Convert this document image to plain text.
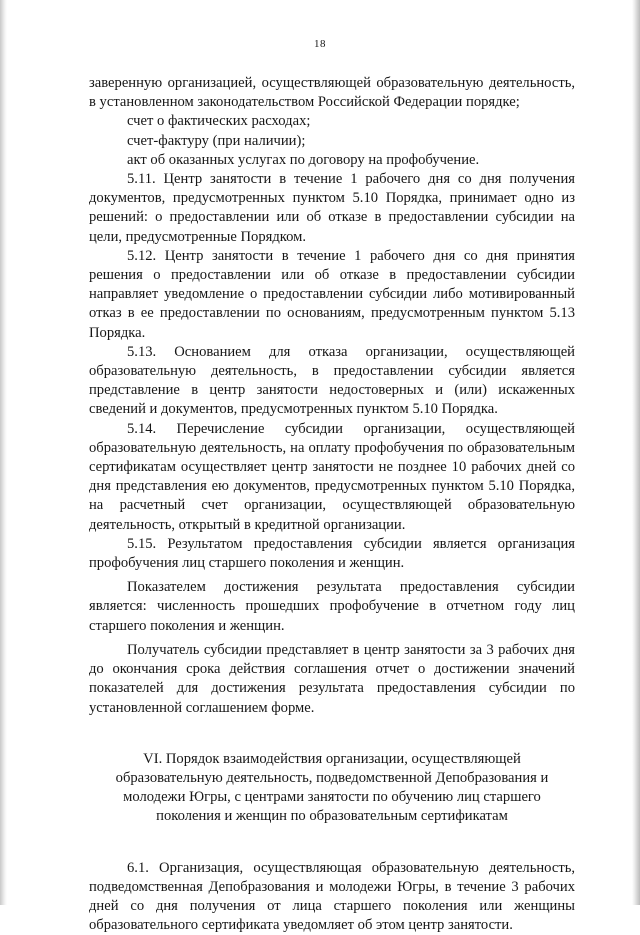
18

заверенную организацией, осуществляющей образовательную деятельность, в установленном законодательством Российской Федерации порядке;

счет о фактических расходах;

счет-фактуру (при наличии);

акт об оказанных услугах по договору на профобучение.

5.11. Центр занятости в течение 1 рабочего дня со дня получения документов, предусмотренных пунктом 5.10 Порядка, принимает одно из решений: о предоставлении или об отказе в предоставлении субсидии на цели, предусмотренные Порядком.

5.12. Центр занятости в течение 1 рабочего дня со дня принятия решения о предоставлении или об отказе в предоставлении субсидии направляет уведомление о предоставлении субсидии либо мотивированный отказ в ее предоставлении по основаниям, предусмотренным пунктом 5.13 Порядка.

5.13. Основанием для отказа организации, осуществляющей образовательную деятельность, в предоставлении субсидии является представление в центр занятости недостоверных и (или) искаженных сведений и документов, предусмотренных пунктом 5.10 Порядка.

5.14. Перечисление субсидии организации, осуществляющей образовательную деятельность, на оплату профобучения по образовательным сертификатам осуществляет центр занятости не позднее 10 рабочих дней со дня представления ею документов, предусмотренных пунктом 5.10 Порядка, на расчетный счет организации, осуществляющей образовательную деятельность, открытый в кредитной организации.

5.15. Результатом предоставления субсидии является организация профобучения лиц старшего поколения и женщин.

Показателем достижения результата предоставления субсидии является: численность прошедших профобучение в отчетном году лиц старшего поколения и женщин.

Получатель субсидии представляет в центр занятости за 3 рабочих дня до окончания срока действия соглашения отчет о достижении значений показателей для достижения результата предоставления субсидии по установленной соглашением форме.

VI. Порядок взаимодействия организации, осуществляющей образовательную деятельность, подведомственной Депобразования и молодежи Югры, с центрами занятости по обучению лиц старшего поколения и женщин по образовательным сертификатам

6.1. Организация, осуществляющая образовательную деятельность, подведомственная Депобразования и молодежи Югры, в течение 3 рабочих дней со дня получения от лица старшего поколения или женщины образовательного сертификата уведомляет об этом центр занятости.
